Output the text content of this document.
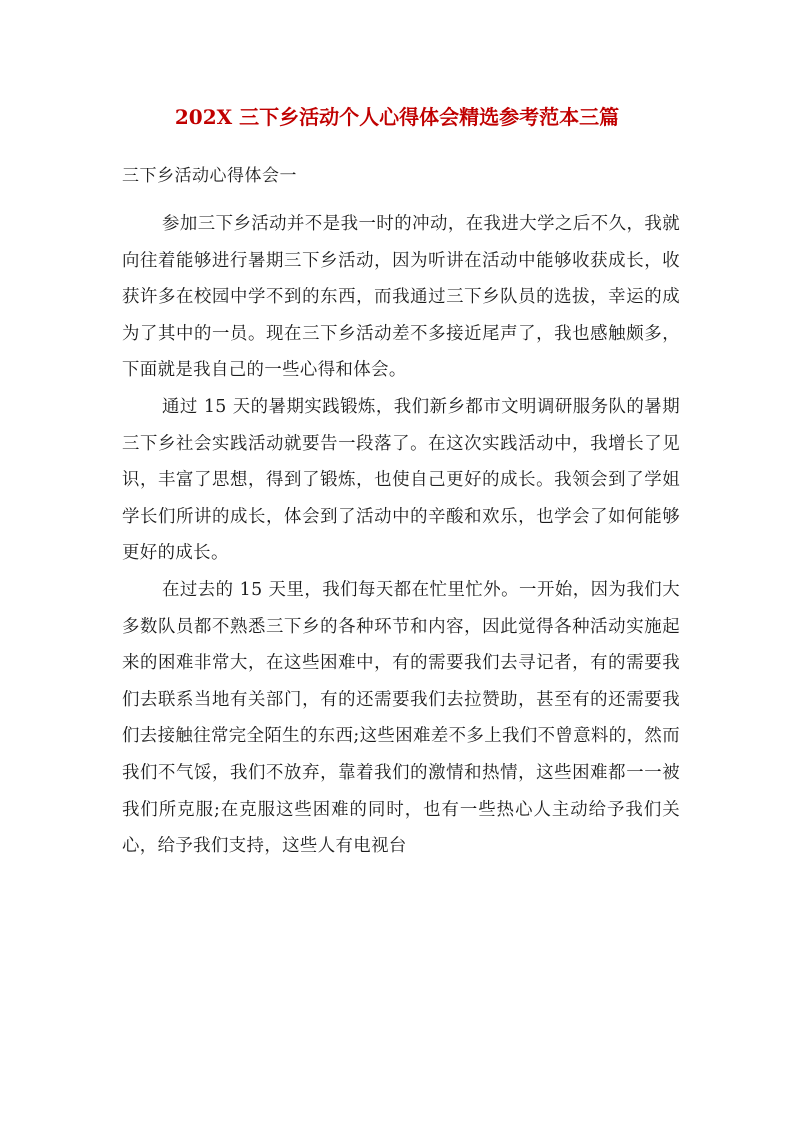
202X 三下乡活动个人心得体会精选参考范本三篇

三下乡活动心得体会一

参加三下乡活动并不是我一时的冲动，在我进大学之后不久，我就向往着能够进行暑期三下乡活动，因为听讲在活动中能够收获成长，收获许多在校园中学不到的东西，而我通过三下乡队员的选拔，幸运的成为了其中的一员。现在三下乡活动差不多接近尾声了，我也感触颇多，下面就是我自己的一些心得和体会。

通过 15 天的暑期实践锻炼，我们新乡都市文明调研服务队的暑期三下乡社会实践活动就要告一段落了。在这次实践活动中，我增长了见识，丰富了思想，得到了锻炼，也使自己更好的成长。我领会到了学姐学长们所讲的成长，体会到了活动中的辛酸和欢乐，也学会了如何能够更好的成长。

在过去的 15 天里，我们每天都在忙里忙外。一开始，因为我们大多数队员都不熟悉三下乡的各种环节和内容，因此觉得各种活动实施起来的困难非常大，在这些困难中，有的需要我们去寻记者，有的需要我们去联系当地有关部门，有的还需要我们去拉赞助，甚至有的还需要我们去接触往常完全陌生的东西;这些困难差不多上我们不曾意料的，然而我们不气馁，我们不放弃，靠着我们的激情和热情，这些困难都一一被我们所克服;在克服这些困难的同时，也有一些热心人主动给予我们关心，给予我们支持，这些人有电视台
